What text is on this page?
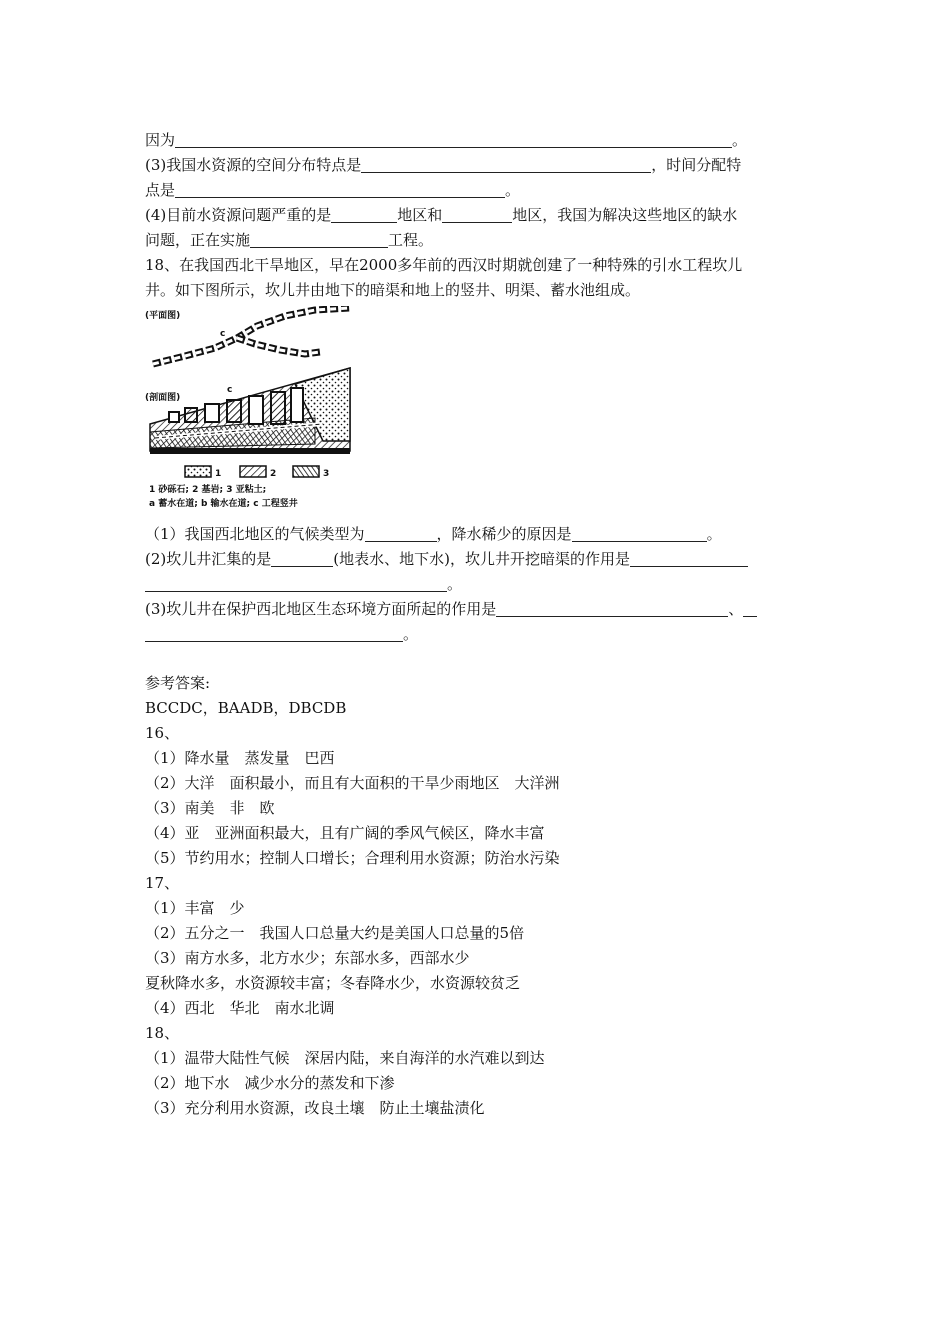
因为	。
(3)我国水资源的空间分布特点是	，时间分配特
点是	。
(4)目前水资源问题严重的是	地区和	地区，我国为解决这些地区的缺水
问题，正在实施	工程。
18、在我国西北干旱地区，早在2000多年前的西汉时期就创建了一种特殊的引水工程坎儿
井。如下图所示，坎儿井由地下的暗渠和地上的竖井、明渠、蓄水池组成。
(平面图)
c
(剖面图)
c
1	2	3
1 砂砾石; 2 基岩; 3 亚粘土;
a 蓄水在道; b 输水在道; c 工程竖井
（1）我国西北地区的气候类型为	，降水稀少的原因是	。
(2)坎儿井汇集的是	(地表水、地下水)，坎儿井开挖暗渠的作用是
。
(3)坎儿井在保护西北地区生态环境方面所起的作用是	、
。
参考答案:
BCCDC，BAADB，DBCDB
16、
（1）降水量　蒸发量　巴西
（2）大洋　面积最小，而且有大面积的干旱少雨地区　大洋洲
（3）南美　非　欧
（4）亚　亚洲面积最大，且有广阔的季风气候区，降水丰富
（5）节约用水；控制人口增长；合理利用水资源；防治水污染
17、
（1）丰富　少
（2）五分之一　我国人口总量大约是美国人口总量的5倍
（3）南方水多，北方水少；东部水多，西部水少
夏秋降水多，水资源较丰富；冬春降水少，水资源较贫乏
（4）西北　华北　南水北调
18、
（1）温带大陆性气候　深居内陆，来自海洋的水汽难以到达
（2）地下水　减少水分的蒸发和下渗
（3）充分利用水资源，改良土壤　防止土壤盐渍化
